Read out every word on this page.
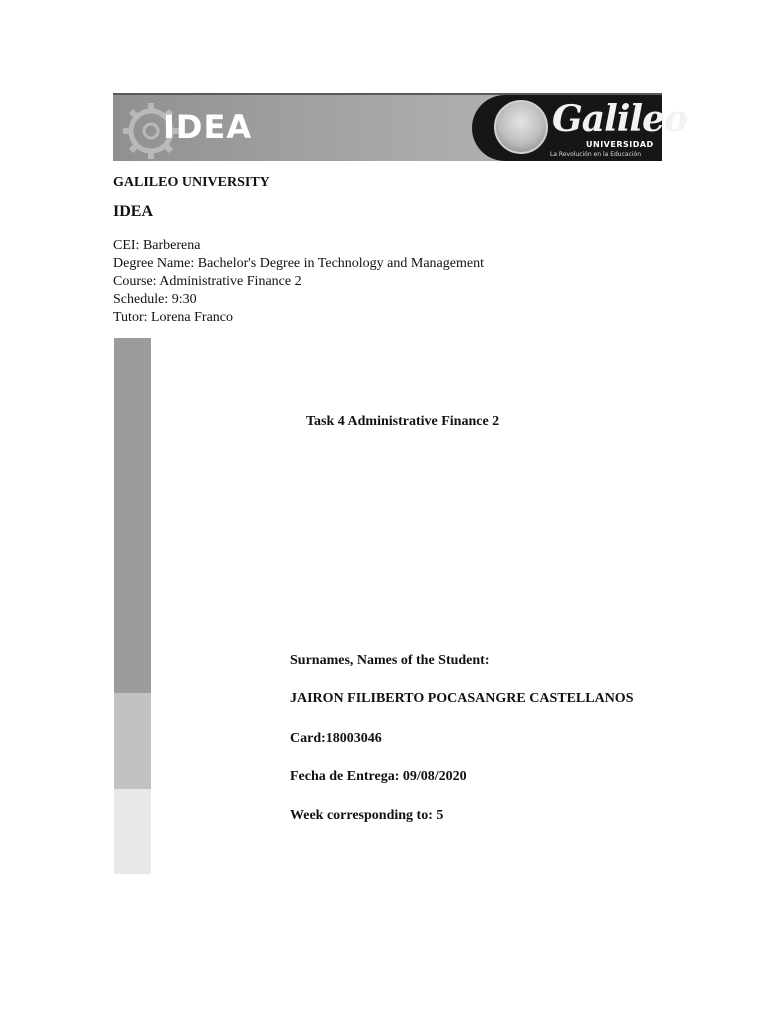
IDEA	Galileo
UNIVERSIDAD
La Revolución en la Educación
GALILEO UNIVERSITY
IDEA
CEI: Barberena
Degree Name: Bachelor's Degree in Technology and Management
Course: Administrative Finance 2
Schedule: 9:30
Tutor: Lorena Franco
Task 4 Administrative Finance 2
Surnames, Names of the Student:
JAIRON FILIBERTO POCASANGRE CASTELLANOS
Card:18003046
Fecha de Entrega: 09/08/2020
Week corresponding to: 5
